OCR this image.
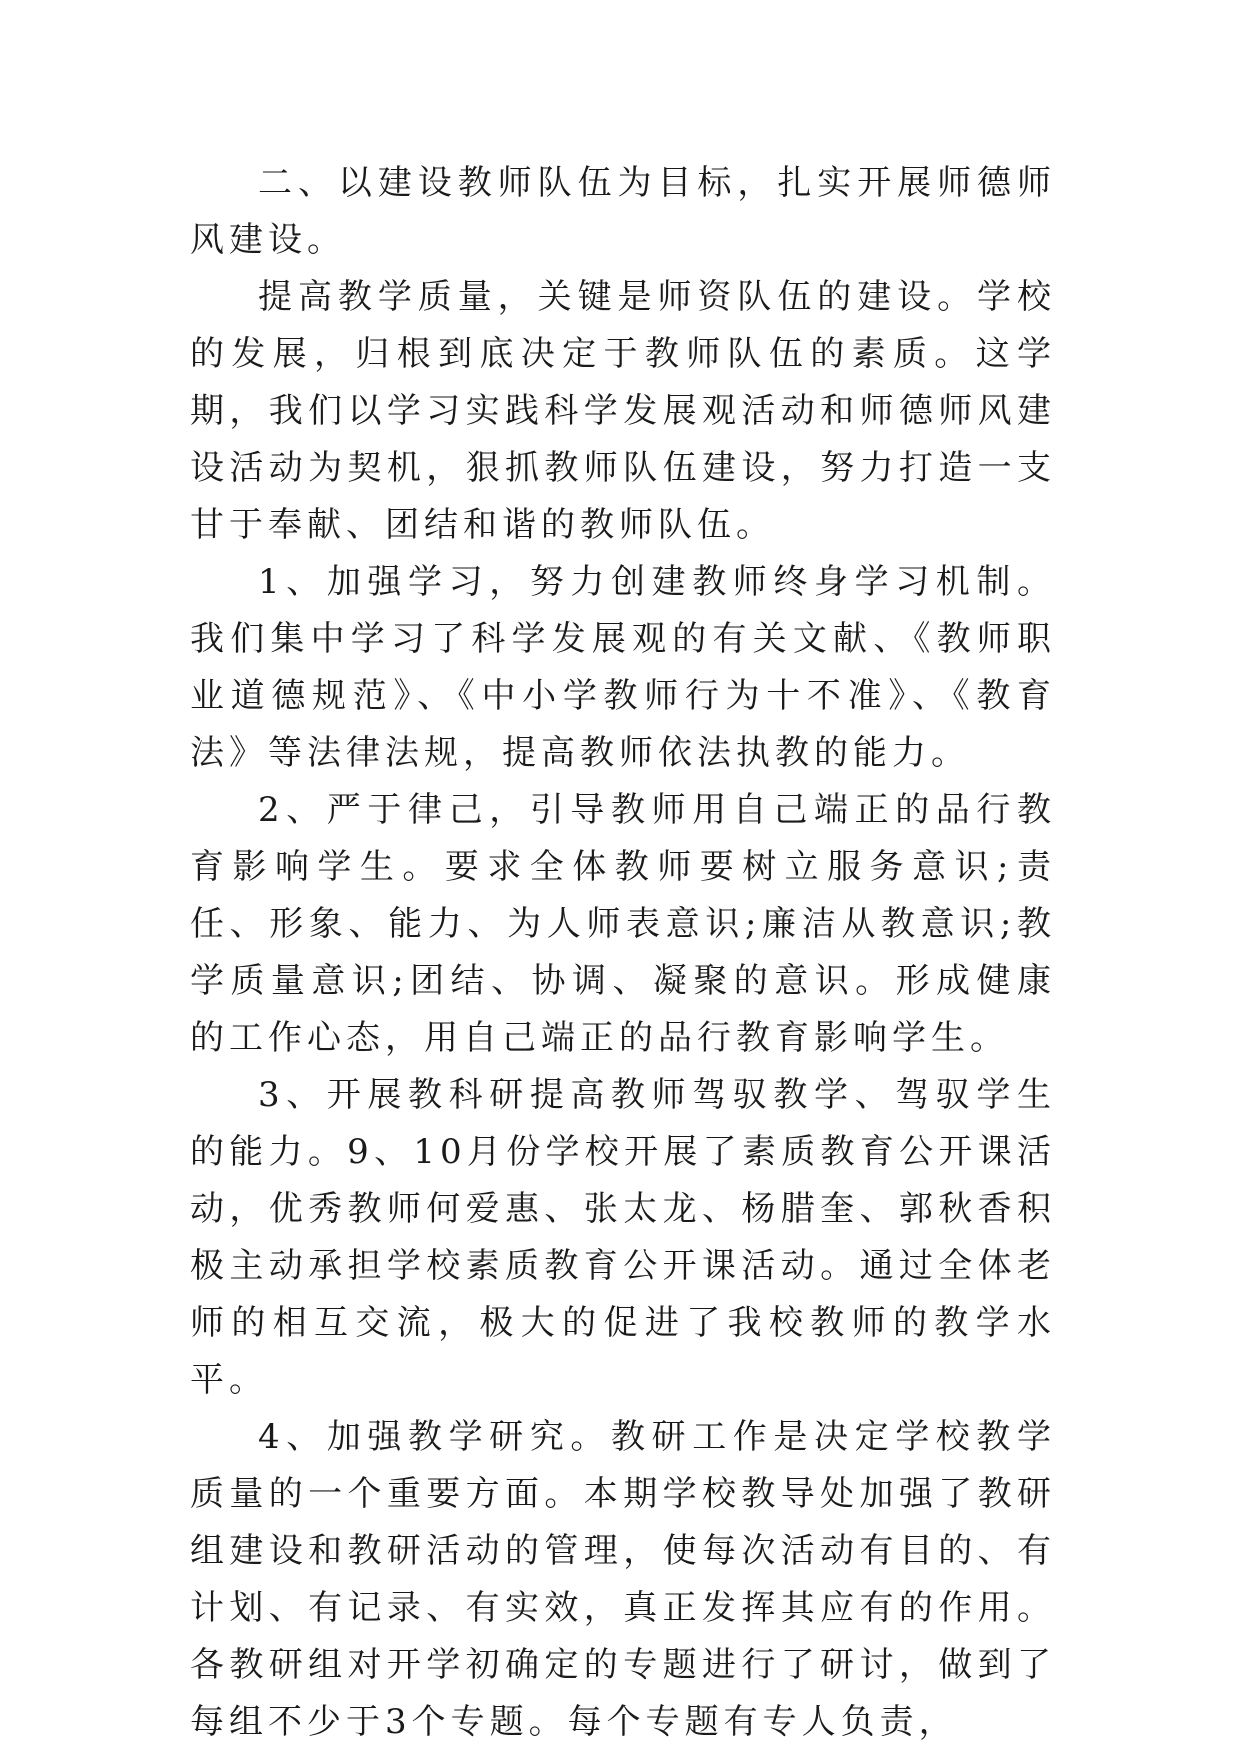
二、以建设教师队伍为目标，扎实开展师德师风建设。

提高教学质量，关键是师资队伍的建设。学校的发展，归根到底决定于教师队伍的素质。这学期，我们以学习实践科学发展观活动和师德师风建设活动为契机，狠抓教师队伍建设，努力打造一支甘于奉献、团结和谐的教师队伍。

1、加强学习，努力创建教师终身学习机制。我们集中学习了科学发展观的有关文献、《教师职业道德规范》、《中小学教师行为十不准》、《教育法》等法律法规，提高教师依法执教的能力。

2、严于律己，引导教师用自己端正的品行教育影响学生。要求全体教师要树立服务意识;责任、形象、能力、为人师表意识;廉洁从教意识;教学质量意识;团结、协调、凝聚的意识。形成健康的工作心态，用自己端正的品行教育影响学生。

3、开展教科研提高教师驾驭教学、驾驭学生的能力。9、10月份学校开展了素质教育公开课活动，优秀教师何爱惠、张太龙、杨腊奎、郭秋香积极主动承担学校素质教育公开课活动。通过全体老师的相互交流，极大的促进了我校教师的教学水平。

4、加强教学研究。教研工作是决定学校教学质量的一个重要方面。本期学校教导处加强了教研组建设和教研活动的管理，使每次活动有目的、有计划、有记录、有实效，真正发挥其应有的作用。各教研组对开学初确定的专题进行了研讨，做到了每组不少于3个专题。每个专题有专人负责，
